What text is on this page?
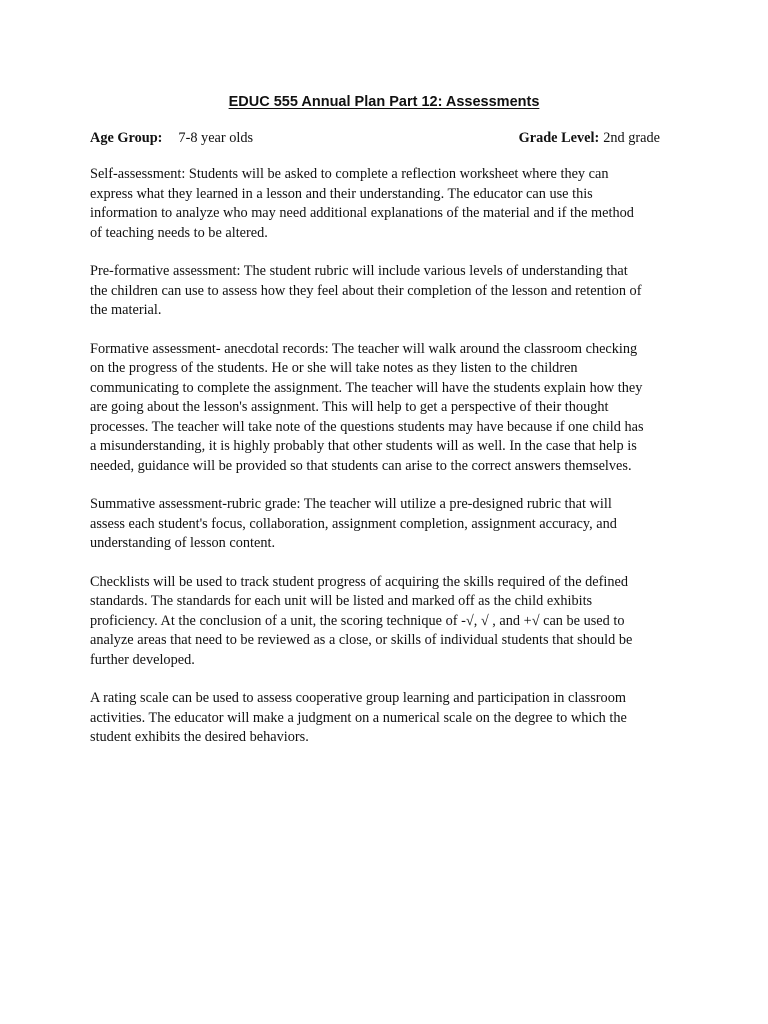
EDUC 555 Annual Plan Part 12: Assessments
Age Group: 7-8 year olds	Grade Level: 2nd grade

Self-assessment: Students will be asked to complete a reflection worksheet where they can
express what they learned in a lesson and their understanding. The educator can use this
information to analyze who may need additional explanations of the material and if the method
of teaching needs to be altered.

Pre-formative assessment: The student rubric will include various levels of understanding that
the children can use to assess how they feel about their completion of the lesson and retention of
the material.

Formative assessment- anecdotal records: The teacher will walk around the classroom checking
on the progress of the students. He or she will take notes as they listen to the children
communicating to complete the assignment. The teacher will have the students explain how they
are going about the lesson's assignment. This will help to get a perspective of their thought
processes. The teacher will take note of the questions students may have because if one child has
a misunderstanding, it is highly probably that other students will as well. In the case that help is
needed, guidance will be provided so that students can arise to the correct answers themselves.

Summative assessment-rubric grade: The teacher will utilize a pre-designed rubric that will
assess each student's focus, collaboration, assignment completion, assignment accuracy, and
understanding of lesson content.

Checklists will be used to track student progress of acquiring the skills required of the defined
standards. The standards for each unit will be listed and marked off as the child exhibits
proficiency. At the conclusion of a unit, the scoring technique of -√, √ , and +√ can be used to
analyze areas that need to be reviewed as a close, or skills of individual students that should be
further developed.

A rating scale can be used to assess cooperative group learning and participation in classroom
activities. The educator will make a judgment on a numerical scale on the degree to which the
student exhibits the desired behaviors.
